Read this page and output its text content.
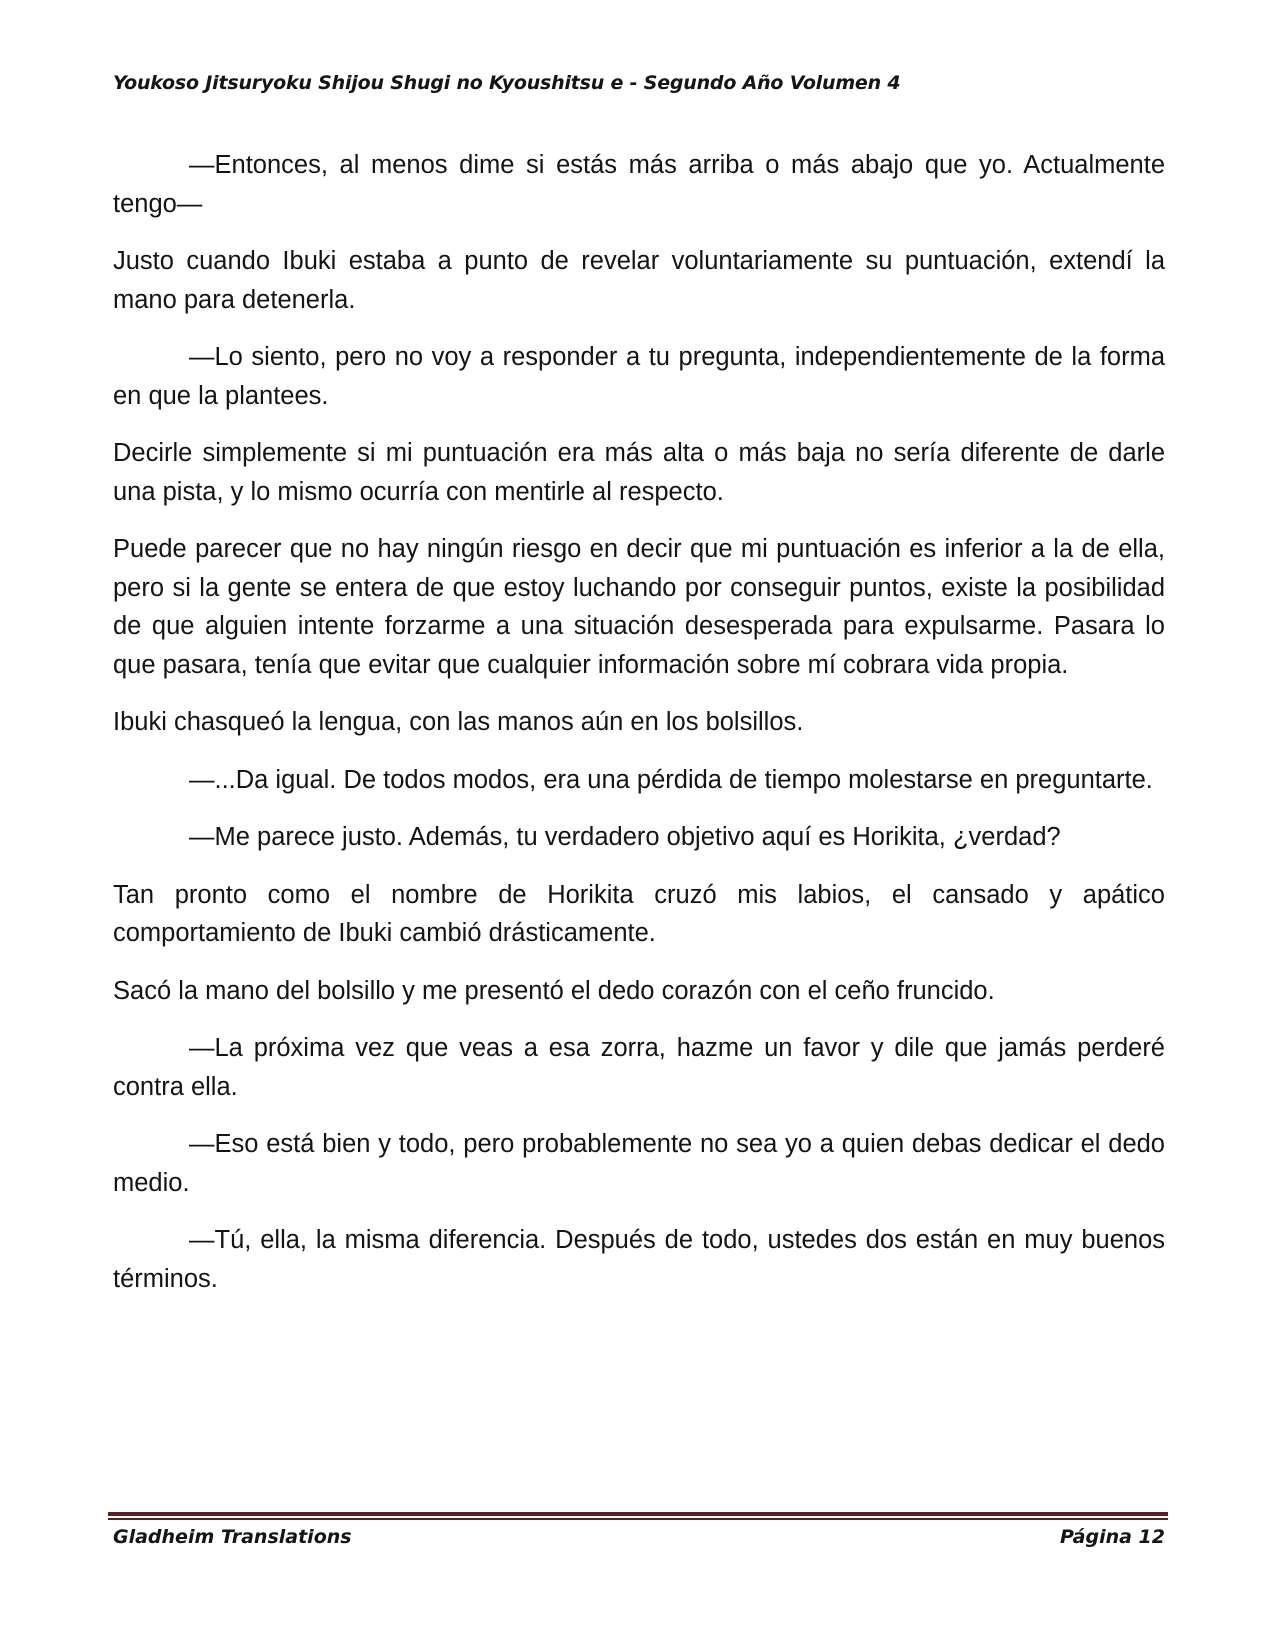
Youkoso Jitsuryoku Shijou Shugi no Kyoushitsu e - Segundo Año Volumen 4

—Entonces, al menos dime si estás más arriba o más abajo que yo. Actualmente tengo—

Justo cuando Ibuki estaba a punto de revelar voluntariamente su puntuación, extendí la mano para detenerla.

—Lo siento, pero no voy a responder a tu pregunta, independientemente de la forma en que la plantees.

Decirle simplemente si mi puntuación era más alta o más baja no sería diferente de darle una pista, y lo mismo ocurría con mentirle al respecto.

Puede parecer que no hay ningún riesgo en decir que mi puntuación es inferior a la de ella, pero si la gente se entera de que estoy luchando por conseguir puntos, existe la posibilidad de que alguien intente forzarme a una situación desesperada para expulsarme. Pasara lo que pasara, tenía que evitar que cualquier información sobre mí cobrara vida propia.

Ibuki chasqueó la lengua, con las manos aún en los bolsillos.

—...Da igual. De todos modos, era una pérdida de tiempo molestarse en preguntarte.

—Me parece justo. Además, tu verdadero objetivo aquí es Horikita, ¿verdad?

Tan pronto como el nombre de Horikita cruzó mis labios, el cansado y apático comportamiento de Ibuki cambió drásticamente.

Sacó la mano del bolsillo y me presentó el dedo corazón con el ceño fruncido.

—La próxima vez que veas a esa zorra, hazme un favor y dile que jamás perderé contra ella.

—Eso está bien y todo, pero probablemente no sea yo a quien debas dedicar el dedo medio.

—Tú, ella, la misma diferencia. Después de todo, ustedes dos están en muy buenos términos.

Gladheim Translations	Página 12
